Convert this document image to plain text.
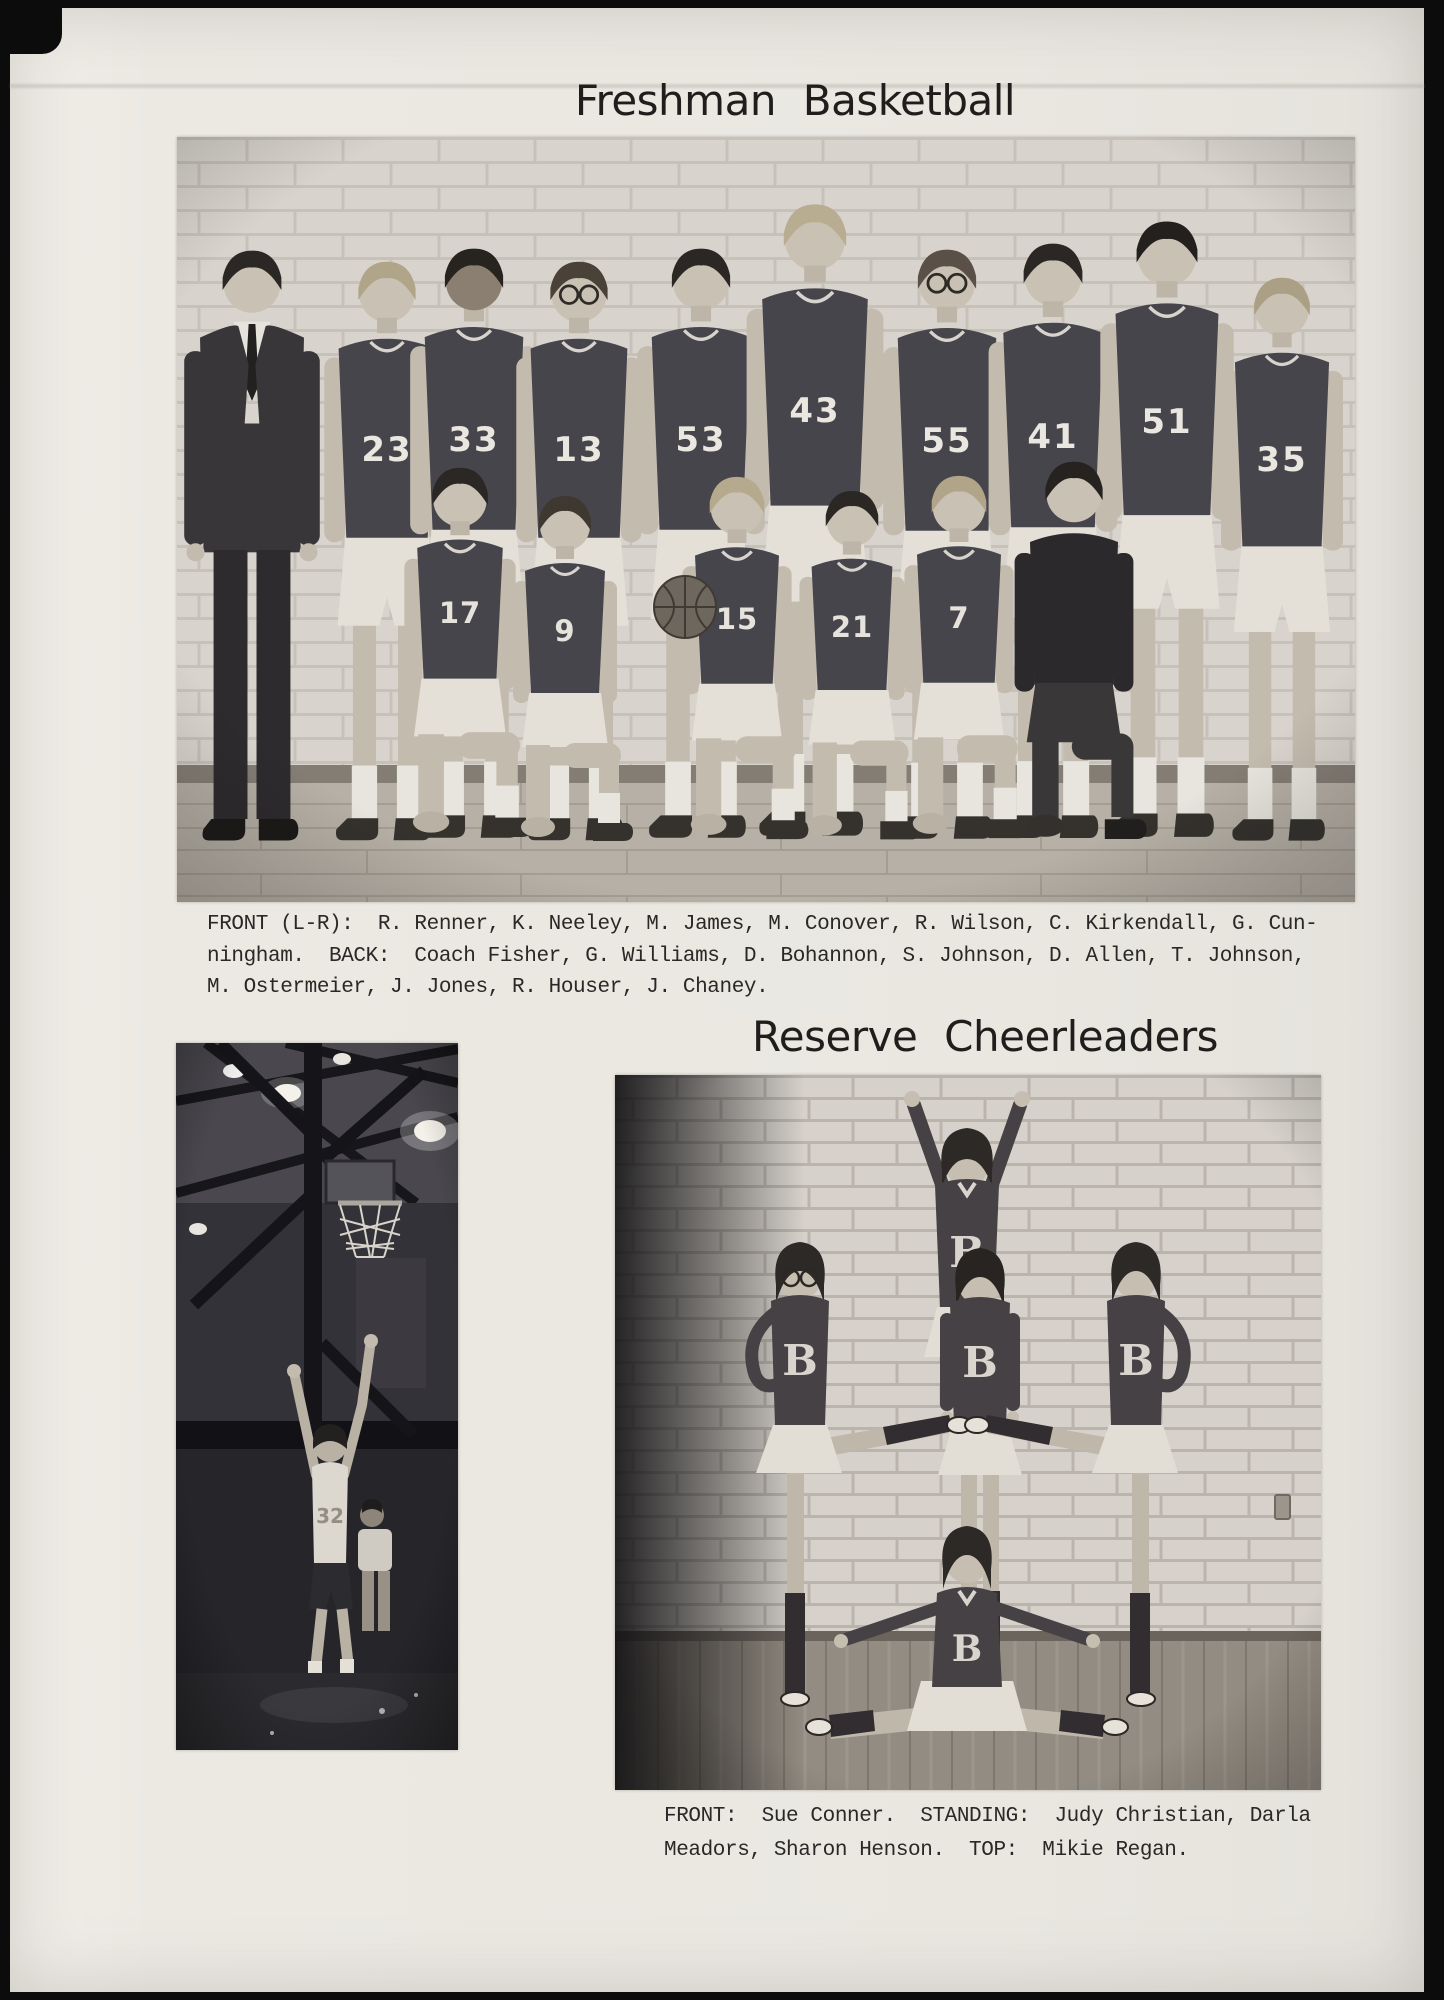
Freshman Basketball

FRONT (L-R):  R. Renner, K. Neeley, M. James, M. Conover, R. Wilson, C. Kirkendall, G. Cun-
ningham.  BACK:  Coach Fisher, G. Williams, D. Bohannon, S. Johnson, D. Allen, T. Johnson,
M. Ostermeier, J. Jones, R. Houser, J. Chaney.

Reserve Cheerleaders

FRONT:  Sue Conner.  STANDING:  Judy Christian, Darla
Meadors, Sharon Henson.  TOP:  Mikie Regan.
